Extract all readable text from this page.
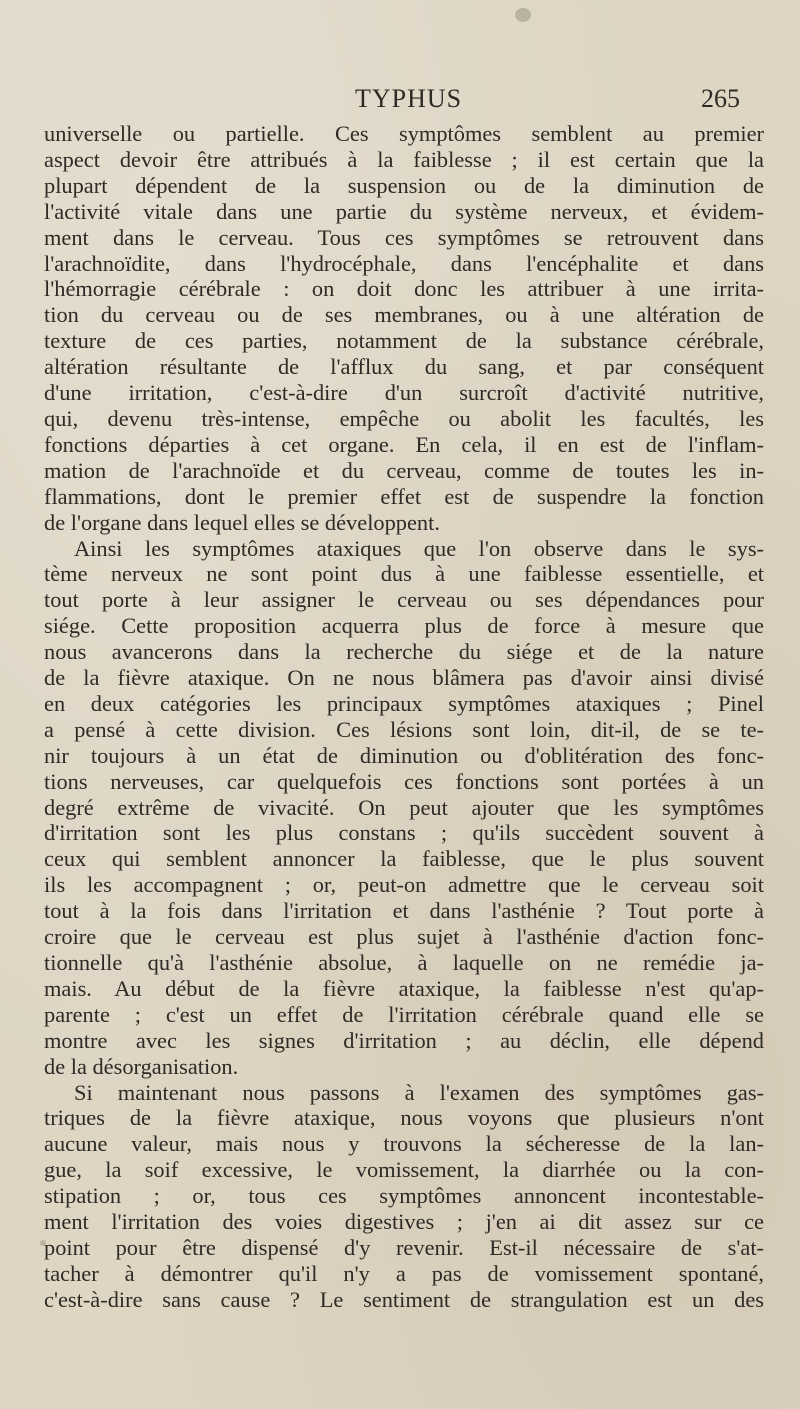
TYPHUS	265
universelle ou partielle. Ces symptômes semblent au premier
aspect devoir être attribués à la faiblesse ; il est certain que la
plupart dépendent de la suspension ou de la diminution de
l'activité vitale dans une partie du système nerveux, et évidem-
ment dans le cerveau. Tous ces symptômes se retrouvent dans
l'arachnoïdite, dans l'hydrocéphale, dans l'encéphalite et dans
l'hémorragie cérébrale : on doit donc les attribuer à une irrita-
tion du cerveau ou de ses membranes, ou à une altération de
texture de ces parties, notamment de la substance cérébrale,
altération résultante de l'afflux du sang, et par conséquent
d'une irritation, c'est-à-dire d'un surcroît d'activité nutritive,
qui, devenu très-intense, empêche ou abolit les facultés, les
fonctions départies à cet organe. En cela, il en est de l'inflam-
mation de l'arachnoïde et du cerveau, comme de toutes les in-
flammations, dont le premier effet est de suspendre la fonction
de l'organe dans lequel elles se développent.
Ainsi les symptômes ataxiques que l'on observe dans le sys-
tème nerveux ne sont point dus à une faiblesse essentielle, et
tout porte à leur assigner le cerveau ou ses dépendances pour
siége. Cette proposition acquerra plus de force à mesure que
nous avancerons dans la recherche du siége et de la nature
de la fièvre ataxique. On ne nous blâmera pas d'avoir ainsi divisé
en deux catégories les principaux symptômes ataxiques ; Pinel
a pensé à cette division. Ces lésions sont loin, dit-il, de se te-
nir toujours à un état de diminution ou d'oblitération des fonc-
tions nerveuses, car quelquefois ces fonctions sont portées à un
degré extrême de vivacité. On peut ajouter que les symptômes
d'irritation sont les plus constans ; qu'ils succèdent souvent à
ceux qui semblent annoncer la faiblesse, que le plus souvent
ils les accompagnent ; or, peut-on admettre que le cerveau soit
tout à la fois dans l'irritation et dans l'asthénie ? Tout porte à
croire que le cerveau est plus sujet à l'asthénie d'action fonc-
tionnelle qu'à l'asthénie absolue, à laquelle on ne remédie ja-
mais. Au début de la fièvre ataxique, la faiblesse n'est qu'ap-
parente ; c'est un effet de l'irritation cérébrale quand elle se
montre avec les signes d'irritation ; au déclin, elle dépend
de la désorganisation.
Si maintenant nous passons à l'examen des symptômes gas-
triques de la fièvre ataxique, nous voyons que plusieurs n'ont
aucune valeur, mais nous y trouvons la sécheresse de la lan-
gue, la soif excessive, le vomissement, la diarrhée ou la con-
stipation ; or, tous ces symptômes annoncent incontestable-
ment l'irritation des voies digestives ; j'en ai dit assez sur ce
point pour être dispensé d'y revenir. Est-il nécessaire de s'at-
tacher à démontrer qu'il n'y a pas de vomissement spontané,
c'est-à-dire sans cause ? Le sentiment de strangulation est un des
